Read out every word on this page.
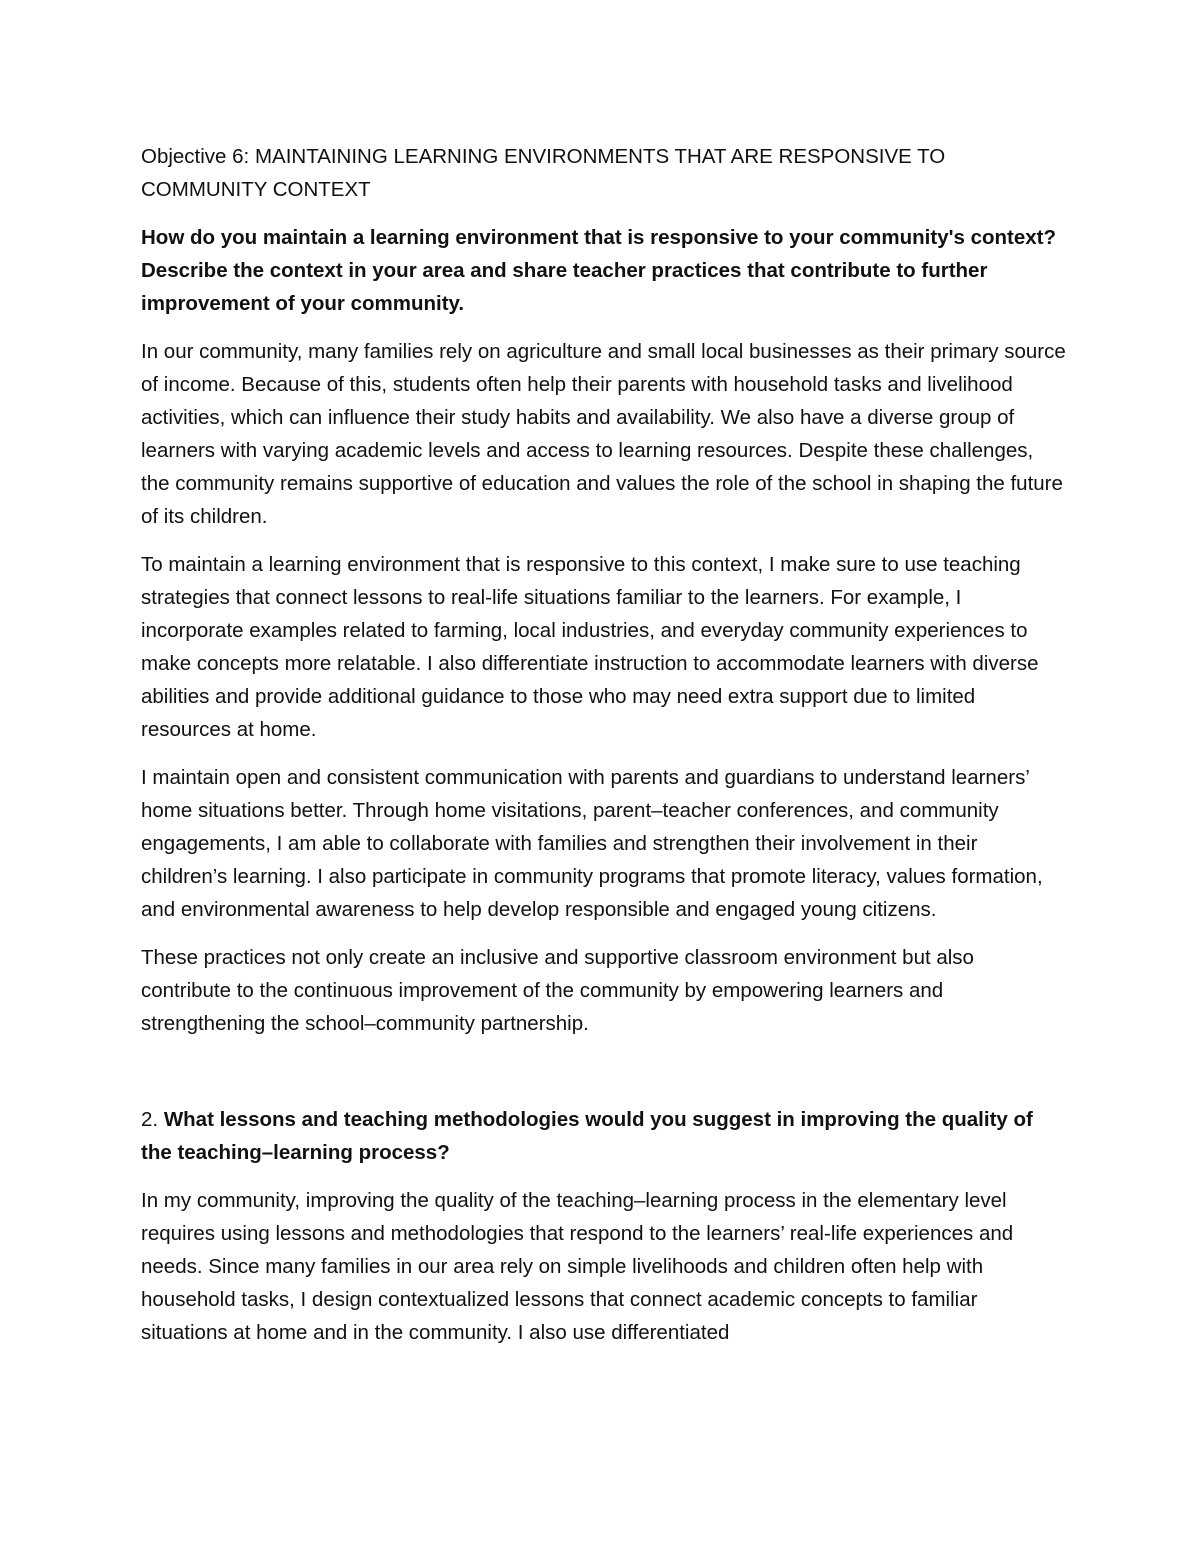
Objective 6: MAINTAINING LEARNING ENVIRONMENTS THAT ARE RESPONSIVE TO COMMUNITY CONTEXT

How do you maintain a learning environment that is responsive to your community's context? Describe the context in your area and share teacher practices that contribute to further improvement of your community.

In our community, many families rely on agriculture and small local businesses as their primary source of income. Because of this, students often help their parents with household tasks and livelihood activities, which can influence their study habits and availability. We also have a diverse group of learners with varying academic levels and access to learning resources. Despite these challenges, the community remains supportive of education and values the role of the school in shaping the future of its children.

To maintain a learning environment that is responsive to this context, I make sure to use teaching strategies that connect lessons to real-life situations familiar to the learners. For example, I incorporate examples related to farming, local industries, and everyday community experiences to make concepts more relatable. I also differentiate instruction to accommodate learners with diverse abilities and provide additional guidance to those who may need extra support due to limited resources at home.

I maintain open and consistent communication with parents and guardians to understand learners’ home situations better. Through home visitations, parent–teacher conferences, and community engagements, I am able to collaborate with families and strengthen their involvement in their children’s learning. I also participate in community programs that promote literacy, values formation, and environmental awareness to help develop responsible and engaged young citizens.

These practices not only create an inclusive and supportive classroom environment but also contribute to the continuous improvement of the community by empowering learners and strengthening the school–community partnership.

2. What lessons and teaching methodologies would you suggest in improving the quality of the teaching–learning process?

In my community, improving the quality of the teaching–learning process in the elementary level requires using lessons and methodologies that respond to the learners’ real-life experiences and needs. Since many families in our area rely on simple livelihoods and children often help with household tasks, I design contextualized lessons that connect academic concepts to familiar situations at home and in the community. I also use differentiated
